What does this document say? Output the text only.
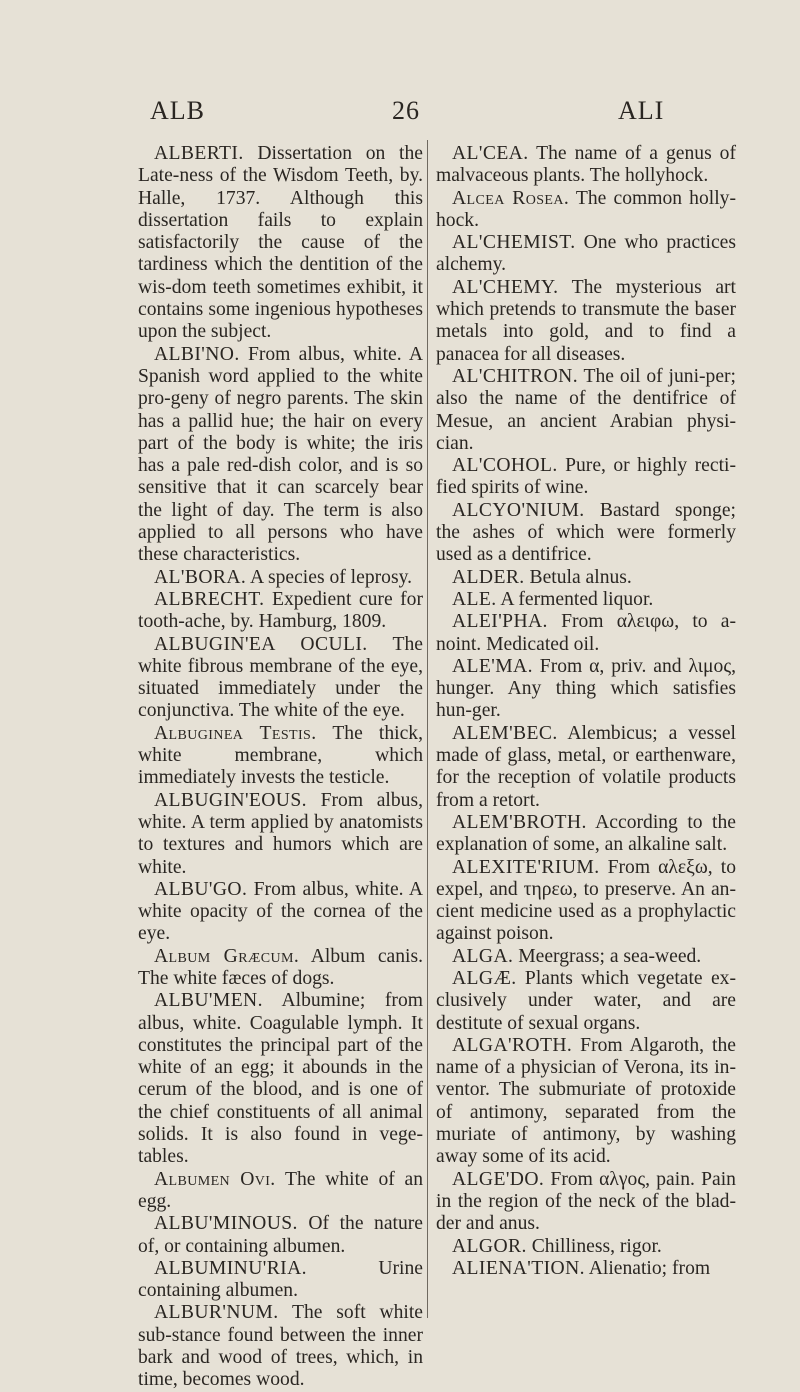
ALB	26	ALI

ALBERTI. Dissertation on the Late-ness of the Wisdom Teeth, by. Halle, 1737. Although this dissertation fails to explain satisfactorily the cause of the tardiness which the dentition of the wis-dom teeth sometimes exhibit, it contains some ingenious hypotheses upon the subject.

ALBI'NO. From albus, white. A Spanish word applied to the white pro-geny of negro parents. The skin has a pallid hue; the hair on every part of the body is white; the iris has a pale red-dish color, and is so sensitive that it can scarcely bear the light of day. The term is also applied to all persons who have these characteristics.

AL'BORA. A species of leprosy.

ALBRECHT. Expedient cure for tooth-ache, by. Hamburg, 1809.

ALBUGIN'EA OCULI. The white fibrous membrane of the eye, situated immediately under the conjunctiva. The white of the eye.

Albuginea Testis. The thick, white membrane, which immediately invests the testicle.

ALBUGIN'EOUS. From albus, white. A term applied by anatomists to textures and humors which are white.

ALBU'GO. From albus, white. A white opacity of the cornea of the eye.

Album Græcum. Album canis. The white fæces of dogs.

ALBU'MEN. Albumine; from albus, white. Coagulable lymph. It constitutes the principal part of the white of an egg; it abounds in the cerum of the blood, and is one of the chief constituents of all animal solids. It is also found in vege-tables.

Albumen Ovi. The white of an egg.

ALBU'MINOUS. Of the nature of, or containing albumen.

ALBUMINU'RIA.	Urine containing albumen.

ALBUR'NUM. The soft white sub-stance found between the inner bark and wood of trees, which, in time, becomes wood.

AL'CEA. The name of a genus of malvaceous plants. The hollyhock.

Alcea Rosea. The common holly-hock.

AL'CHEMIST. One who practices alchemy.

AL'CHEMY. The mysterious art which pretends to transmute the baser metals into gold, and to find a panacea for all diseases.

AL'CHITRON. The oil of juni-per; also the name of the dentifrice of Mesue, an ancient Arabian physi-cian.

AL'COHOL. Pure, or highly recti-fied spirits of wine.

ALCYO'NIUM. Bastard sponge; the ashes of which were formerly used as a dentifrice.

ALDER. Betula alnus.

ALE. A fermented liquor.

ALEI'PHA. From αλειφω, to a-noint. Medicated oil.

ALE'MA. From α, priv. and λιμος, hunger. Any thing which satisfies hun-ger.

ALEM'BEC. Alembicus; a vessel made of glass, metal, or earthenware, for the reception of volatile products from a retort.

ALEM'BROTH. According to the explanation of some, an alkaline salt.

ALEXITE'RIUM. From αλεξω, to expel, and τηρεω, to preserve. An an-cient medicine used as a prophylactic against poison.

ALGA. Meergrass; a sea-weed.

ALGÆ. Plants which vegetate ex-clusively under water, and are destitute of sexual organs.

ALGA'ROTH. From Algaroth, the name of a physician of Verona, its in-ventor. The submuriate of protoxide of antimony, separated from the muriate of antimony, by washing away some of its acid.

ALGE'DO. From αλγος, pain. Pain in the region of the neck of the blad-der and anus.

ALGOR. Chilliness, rigor.

ALIENA'TION. Alienatio; from
